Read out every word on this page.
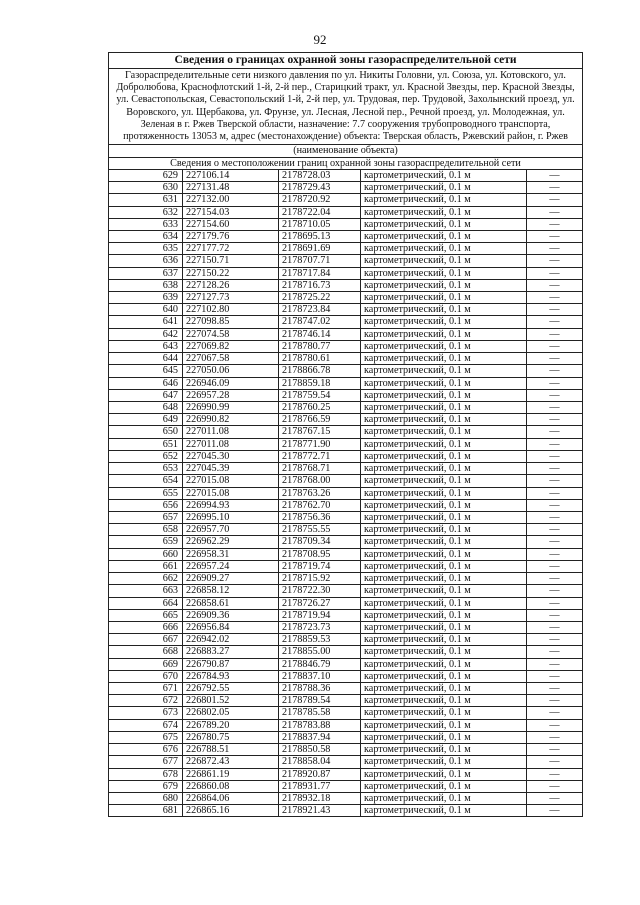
92
Сведения о границах охранной зоны газораспределительной сети				
Газораспределительные сети низкого давления по ул. Никиты Головни, ул. Союза, ул. Котовского, ул. Добролюбова, Краснофлотский 1-й, 2-й пер., Старицкий тракт, ул. Красной Звезды, пер. Красной Звезды, ул. Севастопольская, Севастопольский 1-й, 2-й пер, ул. Трудовая, пер. Трудовой, Захолынский проезд, ул. Воровского, ул. Щербакова, ул. Фрунзе, ул. Лесная, Лесной пер., Речной проезд, ул. Молодежная, ул. Зеленая в г. Ржев Тверской области, назначение: 7.7 сооружения трубопроводного транспорта, протяженность 13053 м, адрес (местонахождение) объекта: Тверская область, Ржевский район, г. Ржев				
(наименование объекта)				
Сведения о местоположении границ охранной зоны газораспределительной сети				
629	227106.14	2178728.03	картометрический, 0.1 м	—
630	227131.48	2178729.43	картометрический, 0.1 м	—
631	227132.00	2178720.92	картометрический, 0.1 м	—
632	227154.03	2178722.04	картометрический, 0.1 м	—
633	227154.60	2178710.05	картометрический, 0.1 м	—
634	227179.76	2178695.13	картометрический, 0.1 м	—
635	227177.72	2178691.69	картометрический, 0.1 м	—
636	227150.71	2178707.71	картометрический, 0.1 м	—
637	227150.22	2178717.84	картометрический, 0.1 м	—
638	227128.26	2178716.73	картометрический, 0.1 м	—
639	227127.73	2178725.22	картометрический, 0.1 м	—
640	227102.80	2178723.84	картометрический, 0.1 м	—
641	227098.85	2178747.02	картометрический, 0.1 м	—
642	227074.58	2178746.14	картометрический, 0.1 м	—
643	227069.82	2178780.77	картометрический, 0.1 м	—
644	227067.58	2178780.61	картометрический, 0.1 м	—
645	227050.06	2178866.78	картометрический, 0.1 м	—
646	226946.09	2178859.18	картометрический, 0.1 м	—
647	226957.28	2178759.54	картометрический, 0.1 м	—
648	226990.99	2178760.25	картометрический, 0.1 м	—
649	226990.82	2178766.59	картометрический, 0.1 м	—
650	227011.08	2178767.15	картометрический, 0.1 м	—
651	227011.08	2178771.90	картометрический, 0.1 м	—
652	227045.30	2178772.71	картометрический, 0.1 м	—
653	227045.39	2178768.71	картометрический, 0.1 м	—
654	227015.08	2178768.00	картометрический, 0.1 м	—
655	227015.08	2178763.26	картометрический, 0.1 м	—
656	226994.93	2178762.70	картометрический, 0.1 м	—
657	226995.10	2178756.36	картометрический, 0.1 м	—
658	226957.70	2178755.55	картометрический, 0.1 м	—
659	226962.29	2178709.34	картометрический, 0.1 м	—
660	226958.31	2178708.95	картометрический, 0.1 м	—
661	226957.24	2178719.74	картометрический, 0.1 м	—
662	226909.27	2178715.92	картометрический, 0.1 м	—
663	226858.12	2178722.30	картометрический, 0.1 м	—
664	226858.61	2178726.27	картометрический, 0.1 м	—
665	226909.36	2178719.94	картометрический, 0.1 м	—
666	226956.84	2178723.73	картометрический, 0.1 м	—
667	226942.02	2178859.53	картометрический, 0.1 м	—
668	226883.27	2178855.00	картометрический, 0.1 м	—
669	226790.87	2178846.79	картометрический, 0.1 м	—
670	226784.93	2178837.10	картометрический, 0.1 м	—
671	226792.55	2178788.36	картометрический, 0.1 м	—
672	226801.52	2178789.54	картометрический, 0.1 м	—
673	226802.05	2178785.58	картометрический, 0.1 м	—
674	226789.20	2178783.88	картометрический, 0.1 м	—
675	226780.75	2178837.94	картометрический, 0.1 м	—
676	226788.51	2178850.58	картометрический, 0.1 м	—
677	226872.43	2178858.04	картометрический, 0.1 м	—
678	226861.19	2178920.87	картометрический, 0.1 м	—
679	226860.08	2178931.77	картометрический, 0.1 м	—
680	226864.06	2178932.18	картометрический, 0.1 м	—
681	226865.16	2178921.43	картометрический, 0.1 м	—
